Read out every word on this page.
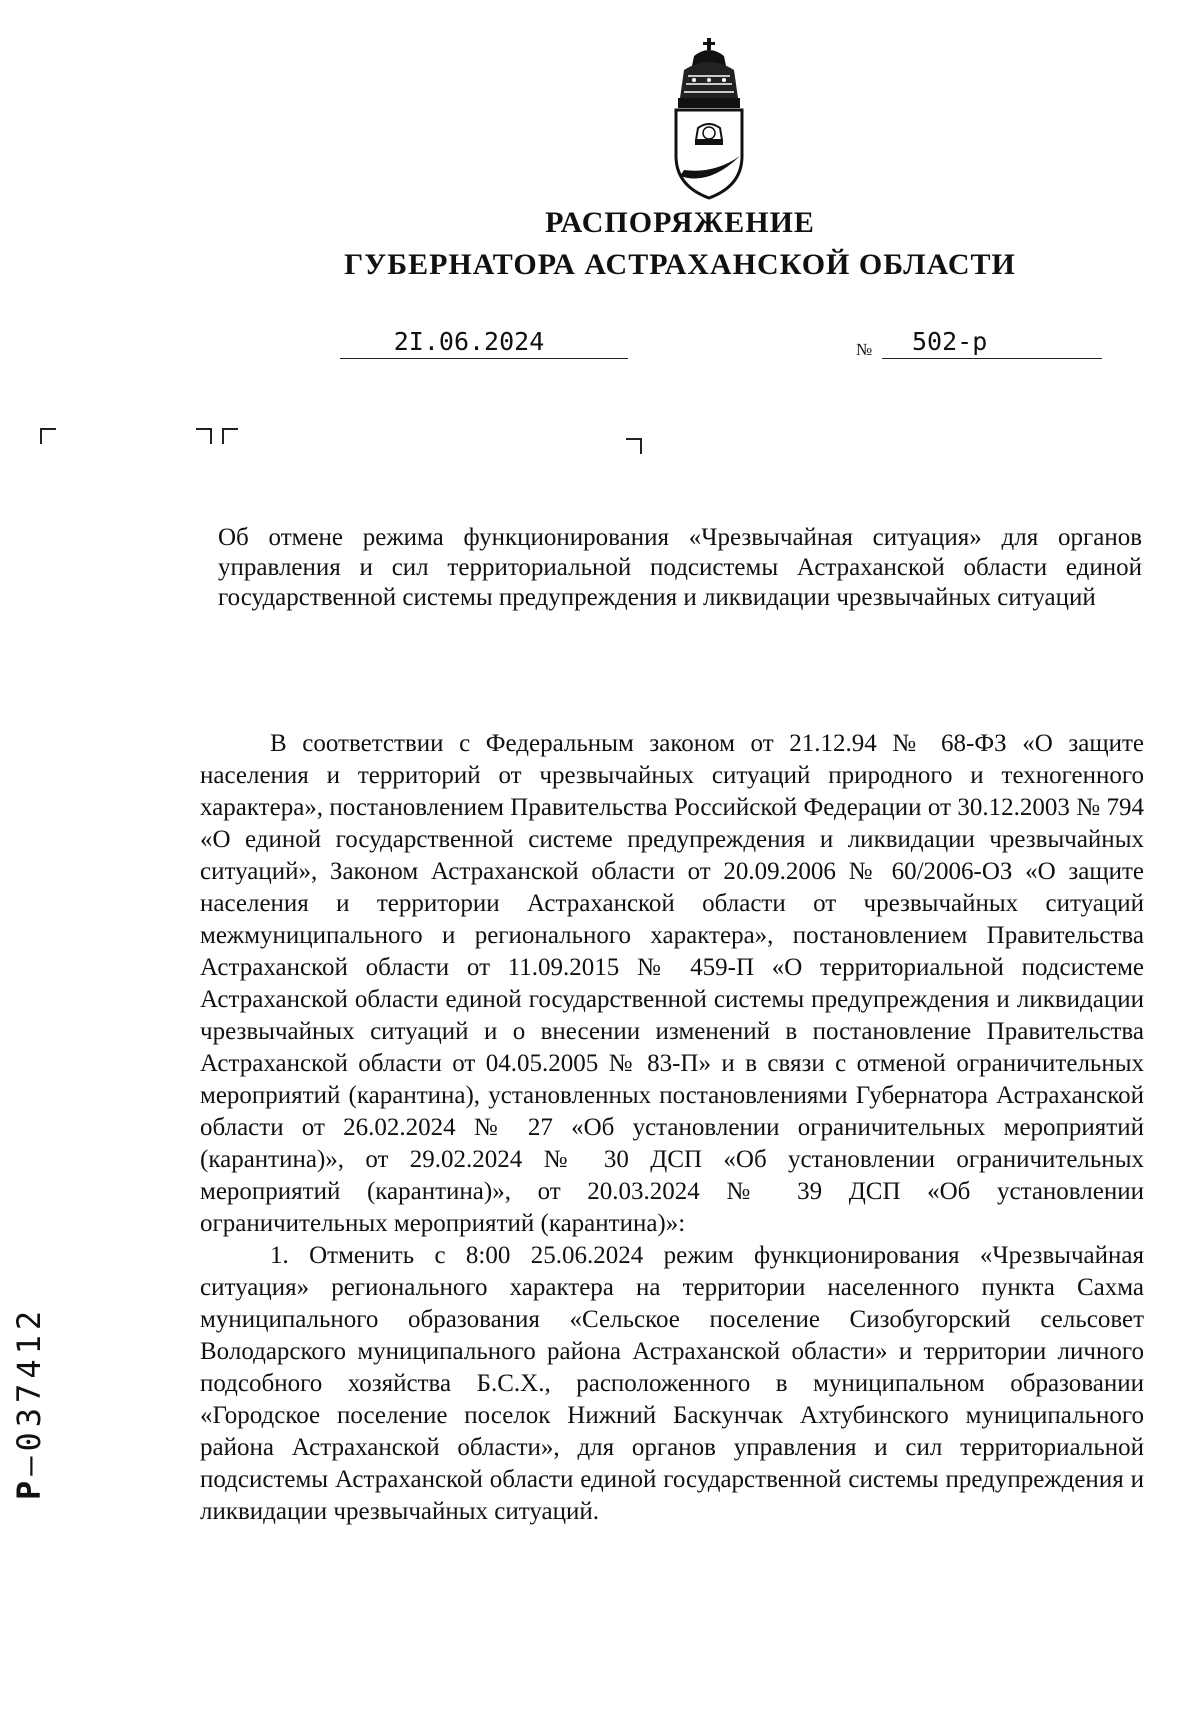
РАСПОРЯЖЕНИЕ
ГУБЕРНАТОРА АСТРАХАНСКОЙ ОБЛАСТИ
2I.06.2024	№	502-р
Об отмене режима функционирования «Чрезвычайная ситуация» для органов управления и сил территориальной подсистемы Астраханской области единой государственной системы предупреждения и ликвидации чрезвычайных ситуаций

В соответствии с Федеральным законом от 21.12.94 № 68-ФЗ «О защите населения и территорий от чрезвычайных ситуаций природного и техногенного характера», постановлением Правительства Российской Федерации от 30.12.2003 № 794 «О единой государственной системе предупреждения и ликвидации чрезвычайных ситуаций», Законом Астраханской области от 20.09.2006 № 60/2006-ОЗ «О защите населения и территории Астраханской области от чрезвычайных ситуаций межмуниципального и регионального характера», постановлением Правительства Астраханской области от 11.09.2015 № 459-П «О территориальной подсистеме Астраханской области единой государственной системы предупреждения и ликвидации чрезвычайных ситуаций и о внесении изменений в постановление Правительства Астраханской области от 04.05.2005 № 83-П» и в связи с отменой ограничительных мероприятий (карантина), установленных постановлениями Губернатора Астраханской области от 26.02.2024 № 27 «Об установлении ограничительных мероприятий (карантина)», от 29.02.2024 № 30 ДСП «Об установлении ограничительных мероприятий (карантина)», от 20.03.2024 № 39 ДСП «Об установлении ограничительных мероприятий (карантина)»:

1. Отменить с 8:00 25.06.2024 режим функционирования «Чрезвычайная ситуация» регионального характера на территории населенного пункта Сахма муниципального образования «Сельское поселение Сизобугорский сельсовет Володарского муниципального района Астраханской области» и территории личного подсобного хозяйства Б.С.Х., расположенного в муниципальном образовании «Городское поселение поселок Нижний Баскунчак Ахтубинского муниципального района Астраханской области», для органов управления и сил территориальной подсистемы Астраханской области единой государственной системы предупреждения и ликвидации чрезвычайных ситуаций.

Р–037412
